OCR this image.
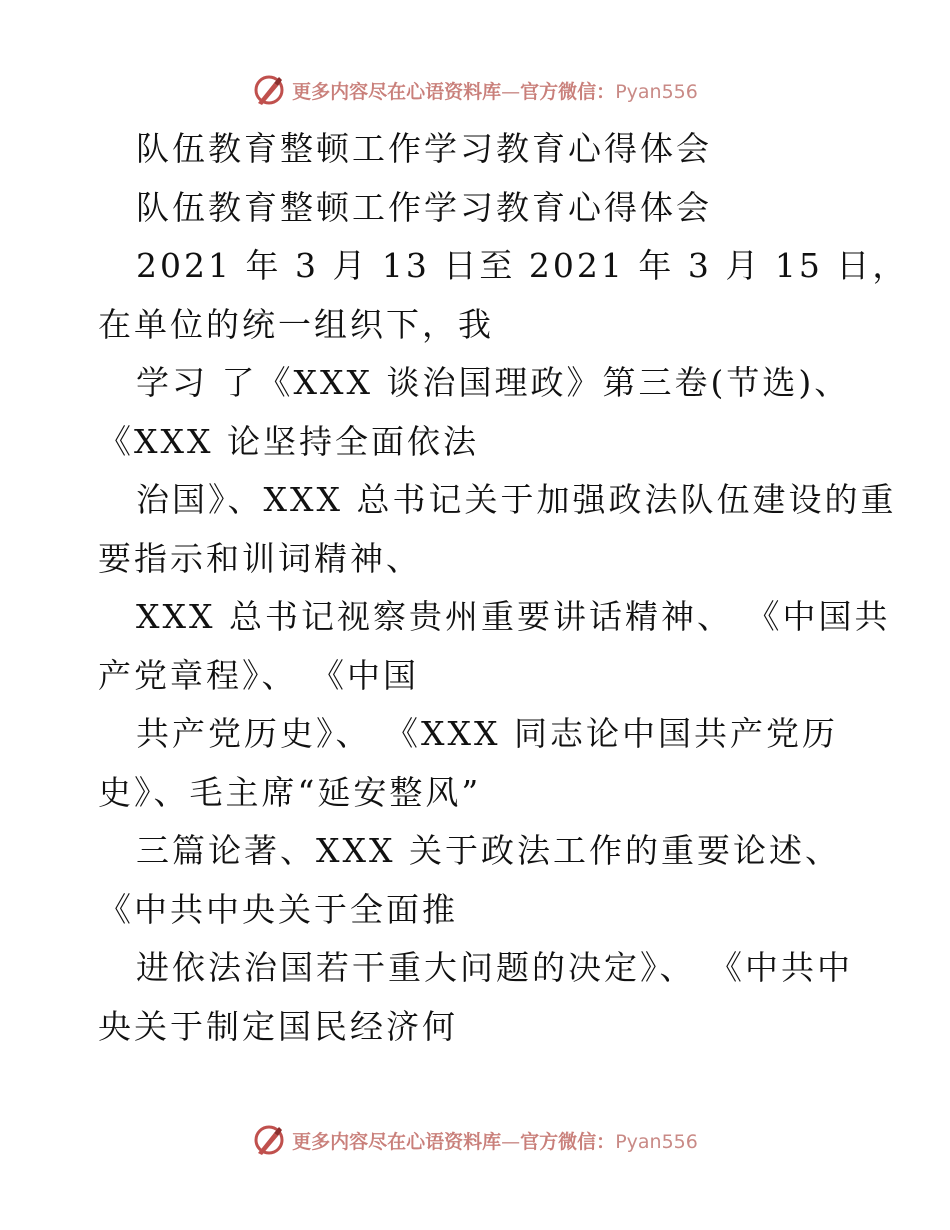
更多内容尽在心语资料库—官方微信：Pyan556
队伍教育整顿工作学习教育心得体会
队伍教育整顿工作学习教育心得体会
2021 年 3 月 13 日至 2021 年 3 月 15 日，
在单位的统一组织下，我
学习 了《XXX 谈治国理政》第三卷(节选)、
《XXX 论坚持全面依法
治国》、XXX 总书记关于加强政法队伍建设的重
要指示和训词精神、
XXX 总书记视察贵州重要讲话精神、 《中国共
产党章程》、 《中国
共产党历史》、 《XXX 同志论中国共产党历
史》、毛主席“延安整风”
三篇论著、XXX 关于政法工作的重要论述、
《中共中央关于全面推
进依法治国若干重大问题的决定》、 《中共中
央关于制定国民经济何
更多内容尽在心语资料库—官方微信：Pyan556
